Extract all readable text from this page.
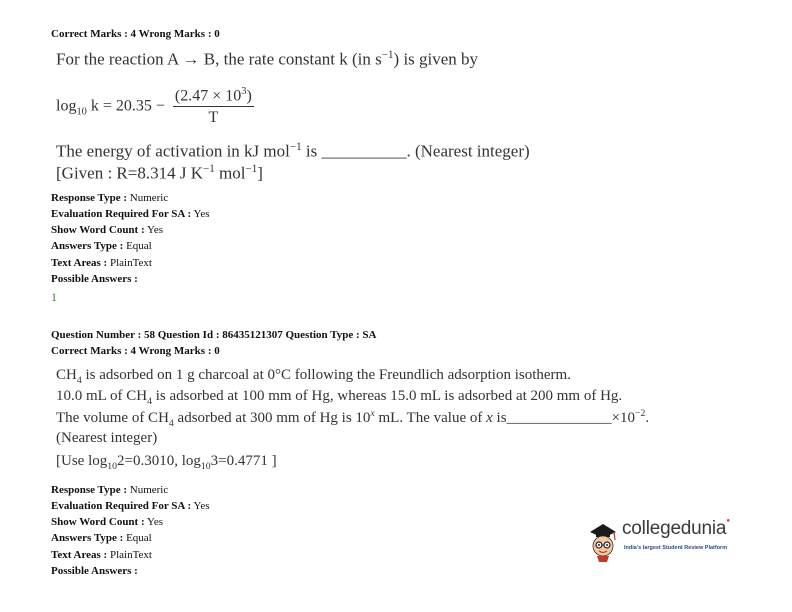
Correct Marks : 4 Wrong Marks : 0
For the reaction A → B, the rate constant k (in $s^{-1}$) is given by
$\log_{10} k = 20.35 - \frac{(2.47 \times 10^3)}{T}$
The energy of activation in kJ mol$^{-1}$ is __________. (Nearest integer)
[Given : R=8.314 J $K^{-1}$ mol$^{-1}$]
Response Type : Numeric
Evaluation Required For SA : Yes
Show Word Count : Yes
Answers Type : Equal
Text Areas : PlainText
Possible Answers :
1
Question Number : 58 Question Id : 86435121307 Question Type : SA
Correct Marks : 4 Wrong Marks : 0
$CH_4$ is adsorbed on 1 g charcoal at 0°C following the Freundlich adsorption isotherm.
10.0 mL of $CH_4$ is adsorbed at 100 mm of Hg, whereas 15.0 mL is adsorbed at 200 mm of Hg.
The volume of $CH_4$ adsorbed at 300 mm of Hg is 10$^x$ mL. The value of x $is\_\_\_\_\_\_\_\_\_\_\_\_\_\_\times 10^{-2}$.
(Nearest integer)
[Use $\log_{10}2=0.3010$, $\log_{10}3=0.4771$ ]
Response Type : Numeric
Evaluation Required For SA : Yes
Show Word Count : Yes
Answers Type : Equal
Text Areas : PlainText
Possible Answers :
collegedunia●
India's largest Student Review Platform
